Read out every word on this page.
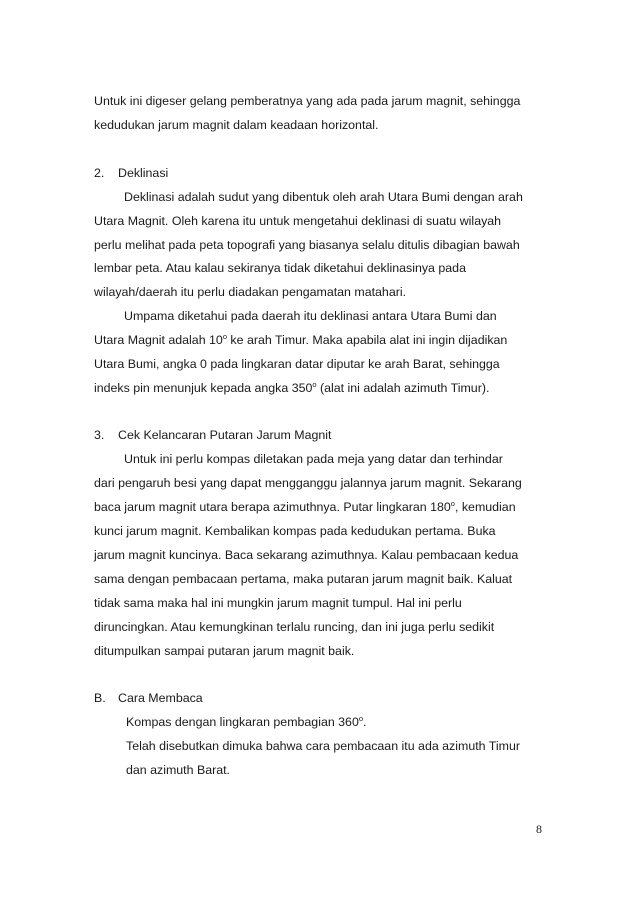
Untuk ini digeser gelang pemberatnya yang ada pada jarum magnit, sehingga
kedudukan jarum magnit dalam keadaan horizontal.
2. Deklinasi
Deklinasi adalah sudut yang dibentuk oleh arah Utara Bumi dengan arah
Utara Magnit. Oleh karena itu untuk mengetahui deklinasi di suatu wilayah
perlu melihat pada peta topografi yang biasanya selalu ditulis dibagian bawah
lembar peta. Atau kalau sekiranya tidak diketahui deklinasinya pada
wilayah/daerah itu perlu diadakan pengamatan matahari.
Umpama diketahui pada daerah itu deklinasi antara Utara Bumi dan
Utara Magnit adalah 10$^o$ ke arah Timur. Maka apabila alat ini ingin dijadikan
Utara Bumi, angka 0 pada lingkaran datar diputar ke arah Barat, sehingga
indeks pin menunjuk kepada angka 350$^o$ (alat ini adalah azimuth Timur).
3. Cek Kelancaran Putaran Jarum Magnit
Untuk ini perlu kompas diletakan pada meja yang datar dan terhindar
dari pengaruh besi yang dapat mengganggu jalannya jarum magnit. Sekarang
baca jarum magnit utara berapa azimuthnya. Putar lingkaran 180$^o$, kemudian
kunci jarum magnit. Kembalikan kompas pada kedudukan pertama. Buka
jarum magnit kuncinya. Baca sekarang azimuthnya. Kalau pembacaan kedua
sama dengan pembacaan pertama, maka putaran jarum magnit baik. Kaluat
tidak sama maka hal ini mungkin jarum magnit tumpul. Hal ini perlu
diruncingkan. Atau kemungkinan terlalu runcing, dan ini juga perlu sedikit
ditumpulkan sampai putaran jarum magnit baik.
B. Cara Membaca
Kompas dengan lingkaran pembagian 360$^o$.
Telah disebutkan dimuka bahwa cara pembacaan itu ada azimuth Timur
dan azimuth Barat.
8
